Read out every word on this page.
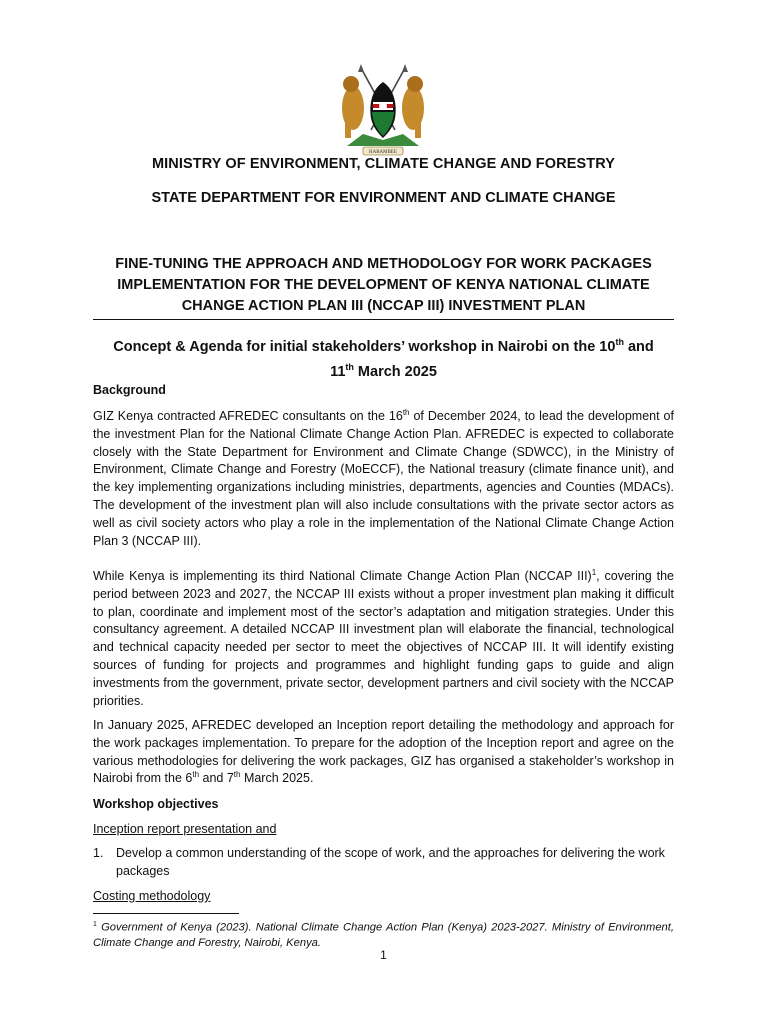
HARAMBEE
MINISTRY OF ENVIRONMENT, CLIMATE CHANGE AND FORESTRY
STATE DEPARTMENT FOR ENVIRONMENT AND CLIMATE CHANGE
FINE-TUNING THE APPROACH AND METHODOLOGY FOR WORK PACKAGES
IMPLEMENTATION FOR THE DEVELOPMENT OF KENYA NATIONAL CLIMATE
CHANGE ACTION PLAN III (NCCAP III) INVESTMENT PLAN
Concept & Agenda for initial stakeholders’ workshop in Nairobi on the 10th and
11th March 2025
Background

GIZ Kenya contracted AFREDEC consultants on the 16th of December 2024, to lead the development of the investment Plan for the National Climate Change Action Plan. AFREDEC is expected to collaborate closely with the State Department for Environment and Climate Change (SDWCC), in the Ministry of Environment, Climate Change and Forestry (MoECCF), the National treasury (climate finance unit), and the key implementing organizations including ministries, departments, agencies and Counties (MDACs). The development of the investment plan will also include consultations with the private sector actors as well as civil society actors who play a role in the implementation of the National Climate Change Action Plan 3 (NCCAP III).

While Kenya is implementing its third National Climate Change Action Plan (NCCAP III)$^1$, covering the period between 2023 and 2027, the NCCAP III exists without a proper investment plan making it difficult to plan, coordinate and implement most of the sector’s adaptation and mitigation strategies. Under this consultancy agreement. A detailed NCCAP III investment plan will elaborate the financial, technological and technical capacity needed per sector to meet the objectives of NCCAP III. It will identify existing sources of funding for projects and programmes and highlight funding gaps to guide and align investments from the government, private sector, development partners and civil society with the NCCAP priorities.

In January 2025, AFREDEC developed an Inception report detailing the methodology and approach for the work packages implementation. To prepare for the adoption of the Inception report and agree on the various methodologies for delivering the work packages, GIZ has organised a stakeholder’s workshop in Nairobi from the 6th and 7th March 2025.

Workshop objectives
Inception report presentation and
1. Develop a common understanding of the scope of work, and the approaches for delivering the work packages
Costing methodology
$^1$ Government of Kenya (2023). National Climate Change Action Plan (Kenya) 2023-2027. Ministry of Environment, Climate Change and Forestry, Nairobi, Kenya.
1
